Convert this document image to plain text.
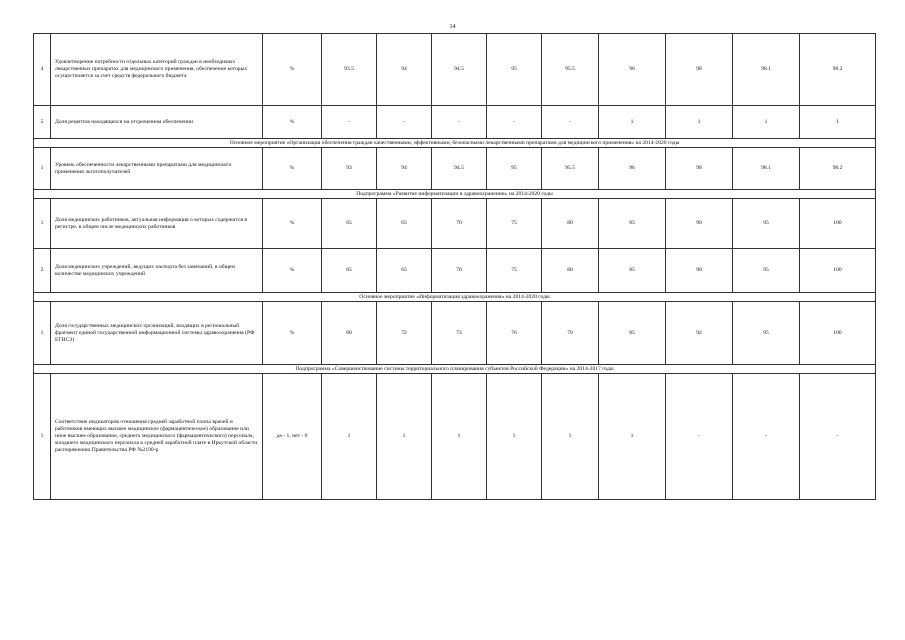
14
4	Удовлетворение потребности отдельных категорий граждан в необходимых лекарственных препаратах для медицинского применения, обеспечение которых осуществляется за счет средств федерального бюджета	%	93.5	94	94.5	95	95.5	96	98	98.1	98.2
5	Доля рецептов находящихся на отсроченном обеспечении	%	-	-	-	-	-	1	1	1	1
Основное мероприятие «Организация обеспечения граждан качественными, эффективными, безопасными лекарственными препаратами для медицинского применения» на 2014-2020 годы											
1	Уровень обеспеченности лекарственными препаратами для медицинского применения льготополучателей	%	93	94	94.5	95	95.5	96	98	98.1	98.2
Подпрограмма «Развитие информатизации в здравоохранении» на 2014-2020 годы											
1	Доля медицинских работников, актуальная информация о которых содержится в регистре, в общем числе медицинских работников	%	65	65	70	75	80	85	90	95	100
2	Доля медицинских учреждений, ведущих паспорта без замечаний, в общем количестве медицинских учреждений	%	65	65	70	75	80	85	90	95	100
Основное мероприятие «Информатизация здравоохранения» на 2014-2020 годы											
1	Доля государственных медицинских организаций, входящих в региональный фрагмент единой государственной информационной системы здравоохранения (РФ ЕГИСЗ)	%	60	72	73	76	79	85	92	95	100
Подпрограмма «Совершенствование системы территориального планирования субъектов Российской Федерации» на 2014-2017 годы											
1	Соответствие индикаторов отношения средней заработной платы врачей и работников имеющих высшее медицинское (фармацевтическое) образование или иное высшее образование, среднего медицинского (фармацевтического) персонала, младшего медицинского персонала к средней заработной плате в Иркутской области распоряжению Правительства РФ №2190-р	да - 1, нет - 0	1	1	1	1	1	1	-	-	-
